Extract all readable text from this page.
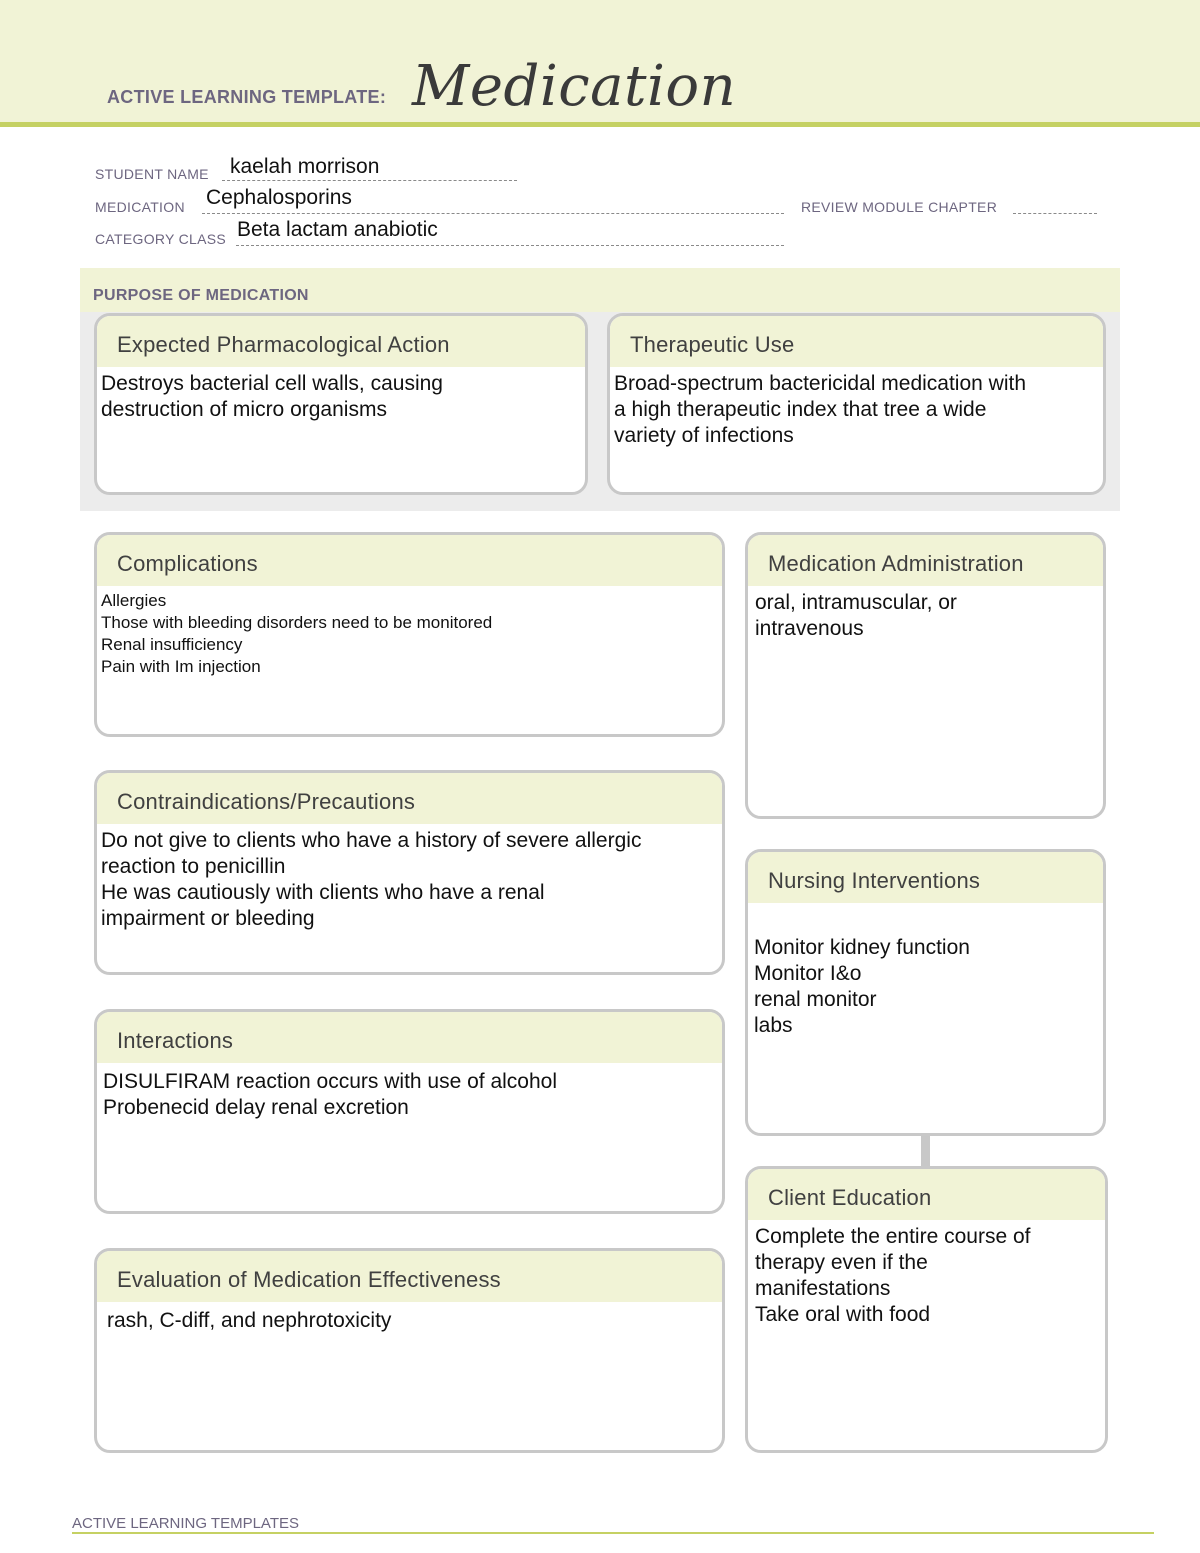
ACTIVE LEARNING TEMPLATE: Medication
STUDENT NAME kaelah morrison
MEDICATION Cephalosporins	REVIEW MODULE CHAPTER
CATEGORY CLASS Beta lactam anabiotic
PURPOSE OF MEDICATION
Expected Pharmacological Action
Destroys bacterial cell walls, causing
destruction of micro organisms
Therapeutic Use
Broad-spectrum bactericidal medication with
a high therapeutic index that tree a wide
variety of infections
Complications
Allergies
Those with bleeding disorders need to be monitored
Renal insufficiency
Pain with Im injection
Contraindications/Precautions
Do not give to clients who have a history of severe allergic
reaction to penicillin
He was cautiously with clients who have a renal
impairment or bleeding
Interactions
DISULFIRAM reaction occurs with use of alcohol
Probenecid delay renal excretion
Evaluation of Medication Effectiveness
rash, C-diff, and nephrotoxicity
Medication Administration
oral, intramuscular, or
intravenous
Nursing Interventions
Monitor kidney function
Monitor I&o
renal monitor
labs
Client Education
Complete the entire course of
therapy even if the
manifestations
Take oral with food
ACTIVE LEARNING TEMPLATES
